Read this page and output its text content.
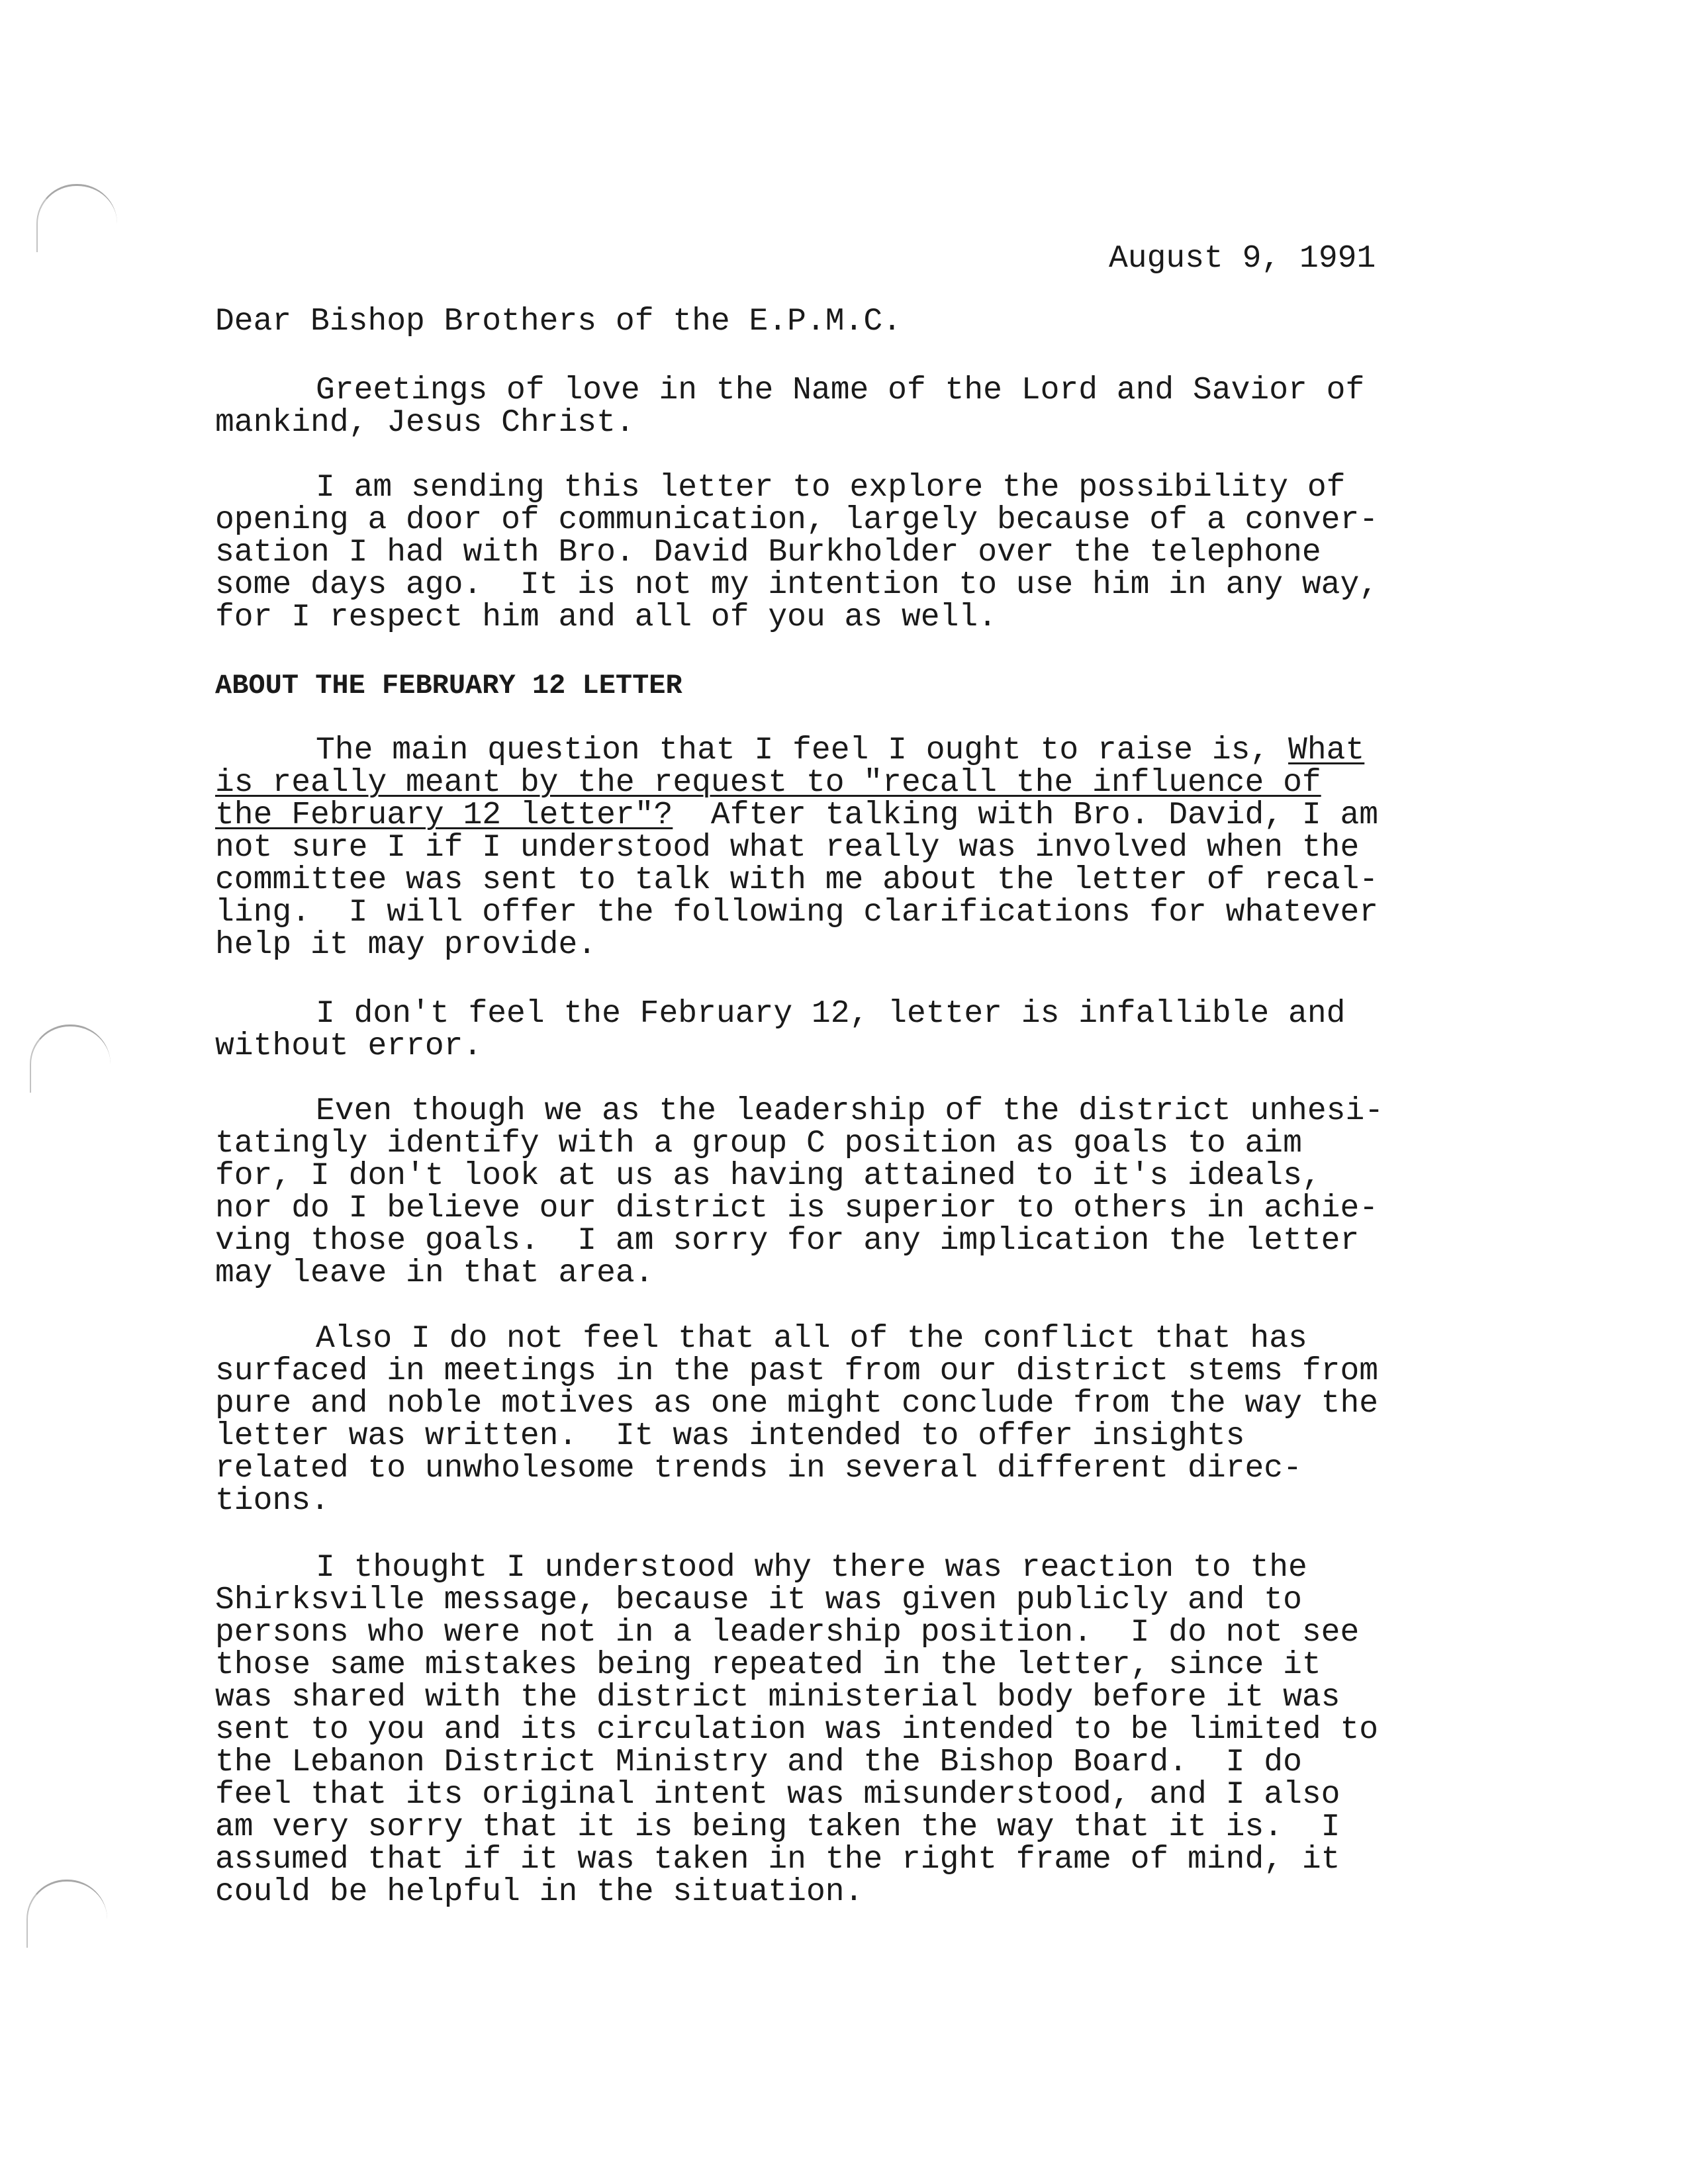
August 9, 1991
Dear Bishop Brothers of the E.P.M.C.
Greetings of love in the Name of the Lord and Savior of
mankind, Jesus Christ.
I am sending this letter to explore the possibility of
opening a door of communication, largely because of a conver-
sation I had with Bro. David Burkholder over the telephone
some days ago.  It is not my intention to use him in any way,
for I respect him and all of you as well.
ABOUT THE FEBRUARY 12 LETTER
The main question that I feel I ought to raise is, What
is really meant by the request to "recall the influence of
the February 12 letter"?  After talking with Bro. David, I am
not sure I if I understood what really was involved when the
committee was sent to talk with me about the letter of recal-
ling.  I will offer the following clarifications for whatever
help it may provide.
I don't feel the February 12, letter is infallible and
without error.
Even though we as the leadership of the district unhesi-
tatingly identify with a group C position as goals to aim
for, I don't look at us as having attained to it's ideals,
nor do I believe our district is superior to others in achie-
ving those goals.  I am sorry for any implication the letter
may leave in that area.
Also I do not feel that all of the conflict that has
surfaced in meetings in the past from our district stems from
pure and noble motives as one might conclude from the way the
letter was written.  It was intended to offer insights
related to unwholesome trends in several different direc-
tions.
I thought I understood why there was reaction to the
Shirksville message, because it was given publicly and to
persons who were not in a leadership position.  I do not see
those same mistakes being repeated in the letter, since it
was shared with the district ministerial body before it was
sent to you and its circulation was intended to be limited to
the Lebanon District Ministry and the Bishop Board.  I do
feel that its original intent was misunderstood, and I also
am very sorry that it is being taken the way that it is.  I
assumed that if it was taken in the right frame of mind, it
could be helpful in the situation.
